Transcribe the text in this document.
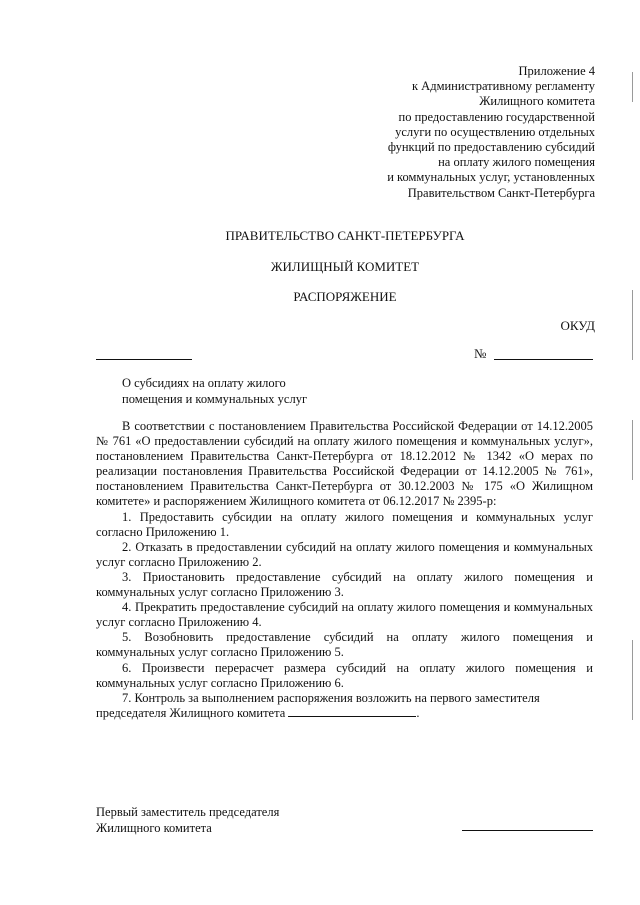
Приложение 4
к Административному регламенту
Жилищного комитета
по предоставлению государственной
услуги по осуществлению отдельных
функций по предоставлению субсидий
на оплату жилого помещения
и коммунальных услуг, установленных
Правительством Санкт-Петербурга
ПРАВИТЕЛЬСТВО САНКТ-ПЕТЕРБУРГА
ЖИЛИЩНЫЙ КОМИТЕТ
РАСПОРЯЖЕНИЕ
ОКУД
№
О субсидиях на оплату жилого
помещения и коммунальных услуг

В соответствии с постановлением Правительства Российской Федерации от 14.12.2005 № 761 «О предоставлении субсидий на оплату жилого помещения и коммунальных услуг», постановлением Правительства Санкт-Петербурга от 18.12.2012 № 1342 «О мерах по реализации постановления Правительства Российской Федерации от 14.12.2005 № 761», постановлением Правительства Санкт-Петербурга от 30.12.2003 № 175 «О Жилищном комитете» и распоряжением Жилищного комитета от 06.12.2017 № 2395-р:

1. Предоставить субсидии на оплату жилого помещения и коммунальных услуг согласно Приложению 1.

2. Отказать в предоставлении субсидий на оплату жилого помещения и коммунальных услуг согласно Приложению 2.

3. Приостановить предоставление субсидий на оплату жилого помещения и коммунальных услуг согласно Приложению 3.

4. Прекратить предоставление субсидий на оплату жилого помещения и коммунальных услуг согласно Приложению 4.

5. Возобновить предоставление субсидий на оплату жилого помещения и коммунальных услуг согласно Приложению 5.

6. Произвести перерасчет размера субсидий на оплату жилого помещения и коммунальных услуг согласно Приложению 6.

7. Контроль за выполнением распоряжения возложить на первого заместителя председателя Жилищного комитета	.

Первый заместитель председателя
Жилищного комитета
